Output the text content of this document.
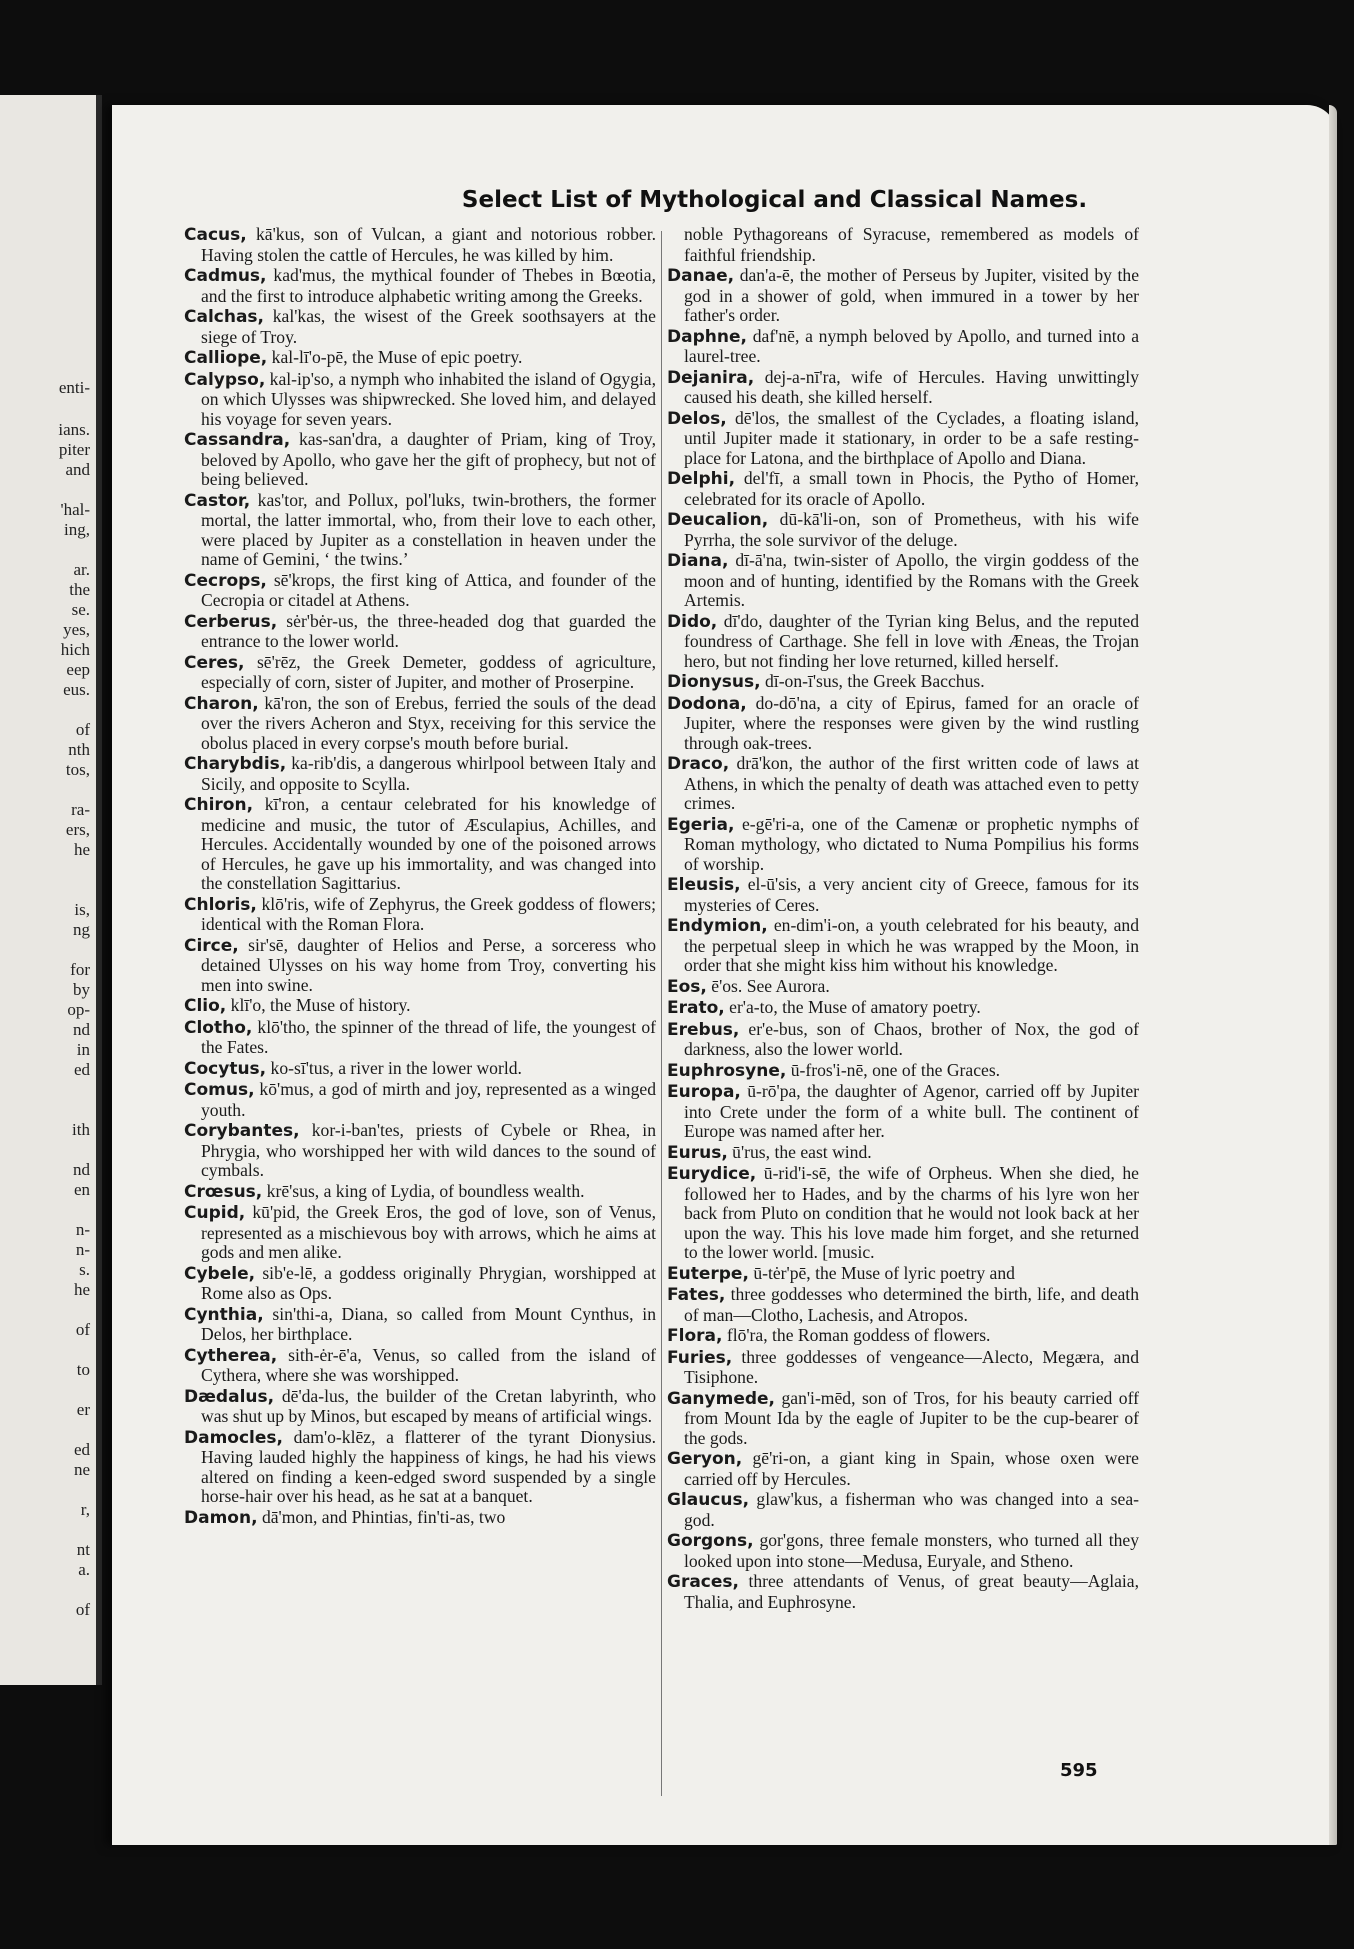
enti-
ians.
piter
and
'hal-
ing,
ar.
the
se.
yes,
hich
eep
eus.
of
nth
tos,
ra-
ers,
he
is,
ng
for
by
op-
nd
in
ed
ith
nd
en
n-
n-
s.
he
of
to
er
ed
ne
r,
nt
a.
of
Select List of Mythological and Classical Names.

Cacus, kā'kus, son of Vulcan, a giant and notorious robber. Having stolen the cattle of Hercules, he was killed by him.

Cadmus, kad'mus, the mythical founder of Thebes in Bœotia, and the first to introduce alphabetic writing among the Greeks.

Calchas, kal'kas, the wisest of the Greek soothsayers at the siege of Troy.

Calliope, kal-lī'o-pē, the Muse of epic poetry.

Calypso, kal-ip'so, a nymph who inhabited the island of Ogygia, on which Ulysses was shipwrecked. She loved him, and delayed his voyage for seven years.

Cassandra, kas-san'dra, a daughter of Priam, king of Troy, beloved by Apollo, who gave her the gift of prophecy, but not of being believed.

Castor, kas'tor, and Pollux, pol'luks, twin-brothers, the former mortal, the latter immortal, who, from their love to each other, were placed by Jupiter as a constellation in heaven under the name of Gemini, ‘ the twins.’

Cecrops, sē'krops, the first king of Attica, and founder of the Cecropia or citadel at Athens.

Cerberus, sėr'bėr-us, the three-headed dog that guarded the entrance to the lower world.

Ceres, sē'rēz, the Greek Demeter, goddess of agriculture, especially of corn, sister of Jupiter, and mother of Proserpine.

Charon, kā'ron, the son of Erebus, ferried the souls of the dead over the rivers Acheron and Styx, receiving for this service the obolus placed in every corpse's mouth before burial.

Charybdis, ka-rib'dis, a dangerous whirlpool between Italy and Sicily, and opposite to Scylla.

Chiron, kī'ron, a centaur celebrated for his knowledge of medicine and music, the tutor of Æsculapius, Achilles, and Hercules. Accidentally wounded by one of the poisoned arrows of Hercules, he gave up his immortality, and was changed into the constellation Sagittarius.

Chloris, klō'ris, wife of Zephyrus, the Greek goddess of flowers; identical with the Roman Flora.

Circe, sir'sē, daughter of Helios and Perse, a sorceress who detained Ulysses on his way home from Troy, converting his men into swine.

Clio, klī'o, the Muse of history.

Clotho, klō'tho, the spinner of the thread of life, the youngest of the Fates.

Cocytus, ko-sī'tus, a river in the lower world.

Comus, kō'mus, a god of mirth and joy, represented as a winged youth.

Corybantes, kor-i-ban'tes, priests of Cybele or Rhea, in Phrygia, who worshipped her with wild dances to the sound of cymbals.

Crœsus, krē'sus, a king of Lydia, of boundless wealth.

Cupid, kū'pid, the Greek Eros, the god of love, son of Venus, represented as a mischievous boy with arrows, which he aims at gods and men alike.

Cybele, sib'e-lē, a goddess originally Phrygian, worshipped at Rome also as Ops.

Cynthia, sin'thi-a, Diana, so called from Mount Cynthus, in Delos, her birthplace.

Cytherea, sith-ėr-ē'a, Venus, so called from the island of Cythera, where she was worshipped.

Dædalus, dē'da-lus, the builder of the Cretan labyrinth, who was shut up by Minos, but escaped by means of artificial wings.

Damocles, dam'o-klēz, a flatterer of the tyrant Dionysius. Having lauded highly the happiness of kings, he had his views altered on finding a keen-edged sword suspended by a single horse-hair over his head, as he sat at a banquet.

Damon, dā'mon, and Phintias, fin'ti-as, two

noble Pythagoreans of Syracuse, remembered as models of faithful friendship.

Danae, dan'a-ē, the mother of Perseus by Jupiter, visited by the god in a shower of gold, when immured in a tower by her father's order.

Daphne, daf'nē, a nymph beloved by Apollo, and turned into a laurel-tree.

Dejanira, dej-a-nī'ra, wife of Hercules. Having unwittingly caused his death, she killed herself.

Delos, dē'los, the smallest of the Cyclades, a floating island, until Jupiter made it stationary, in order to be a safe resting-place for Latona, and the birthplace of Apollo and Diana.

Delphi, del'fī, a small town in Phocis, the Pytho of Homer, celebrated for its oracle of Apollo.

Deucalion, dū-kā'li-on, son of Prometheus, with his wife Pyrrha, the sole survivor of the deluge.

Diana, dī-ā'na, twin-sister of Apollo, the virgin goddess of the moon and of hunting, identified by the Romans with the Greek Artemis.

Dido, dī'do, daughter of the Tyrian king Belus, and the reputed foundress of Carthage. She fell in love with Æneas, the Trojan hero, but not finding her love returned, killed herself.

Dionysus, dī-on-ī'sus, the Greek Bacchus.

Dodona, do-dō'na, a city of Epirus, famed for an oracle of Jupiter, where the responses were given by the wind rustling through oak-trees.

Draco, drā'kon, the author of the first written code of laws at Athens, in which the penalty of death was attached even to petty crimes.

Egeria, e-gē'ri-a, one of the Camenæ or prophetic nymphs of Roman mythology, who dictated to Numa Pompilius his forms of worship.

Eleusis, el-ū'sis, a very ancient city of Greece, famous for its mysteries of Ceres.

Endymion, en-dim'i-on, a youth celebrated for his beauty, and the perpetual sleep in which he was wrapped by the Moon, in order that she might kiss him without his knowledge.

Eos, ē'os. See Aurora.

Erato, er'a-to, the Muse of amatory poetry.

Erebus, er'e-bus, son of Chaos, brother of Nox, the god of darkness, also the lower world.

Euphrosyne, ū-fros'i-nē, one of the Graces.

Europa, ū-rō'pa, the daughter of Agenor, carried off by Jupiter into Crete under the form of a white bull. The continent of Europe was named after her.

Eurus, ū'rus, the east wind.

Eurydice, ū-rid'i-sē, the wife of Orpheus. When she died, he followed her to Hades, and by the charms of his lyre won her back from Pluto on condition that he would not look back at her upon the way. This his love made him forget, and she returned to the lower world. [music.

Euterpe, ū-tėr'pē, the Muse of lyric poetry and

Fates, three goddesses who determined the birth, life, and death of man—Clotho, Lachesis, and Atropos.

Flora, flō'ra, the Roman goddess of flowers.

Furies, three goddesses of vengeance—Alecto, Megæra, and Tisiphone.

Ganymede, gan'i-mēd, son of Tros, for his beauty carried off from Mount Ida by the eagle of Jupiter to be the cup-bearer of the gods.

Geryon, gē'ri-on, a giant king in Spain, whose oxen were carried off by Hercules.

Glaucus, glaw'kus, a fisherman who was changed into a sea-god.

Gorgons, gor'gons, three female monsters, who turned all they looked upon into stone—Medusa, Euryale, and Stheno.

Graces, three attendants of Venus, of great beauty—Aglaia, Thalia, and Euphrosyne.

595
